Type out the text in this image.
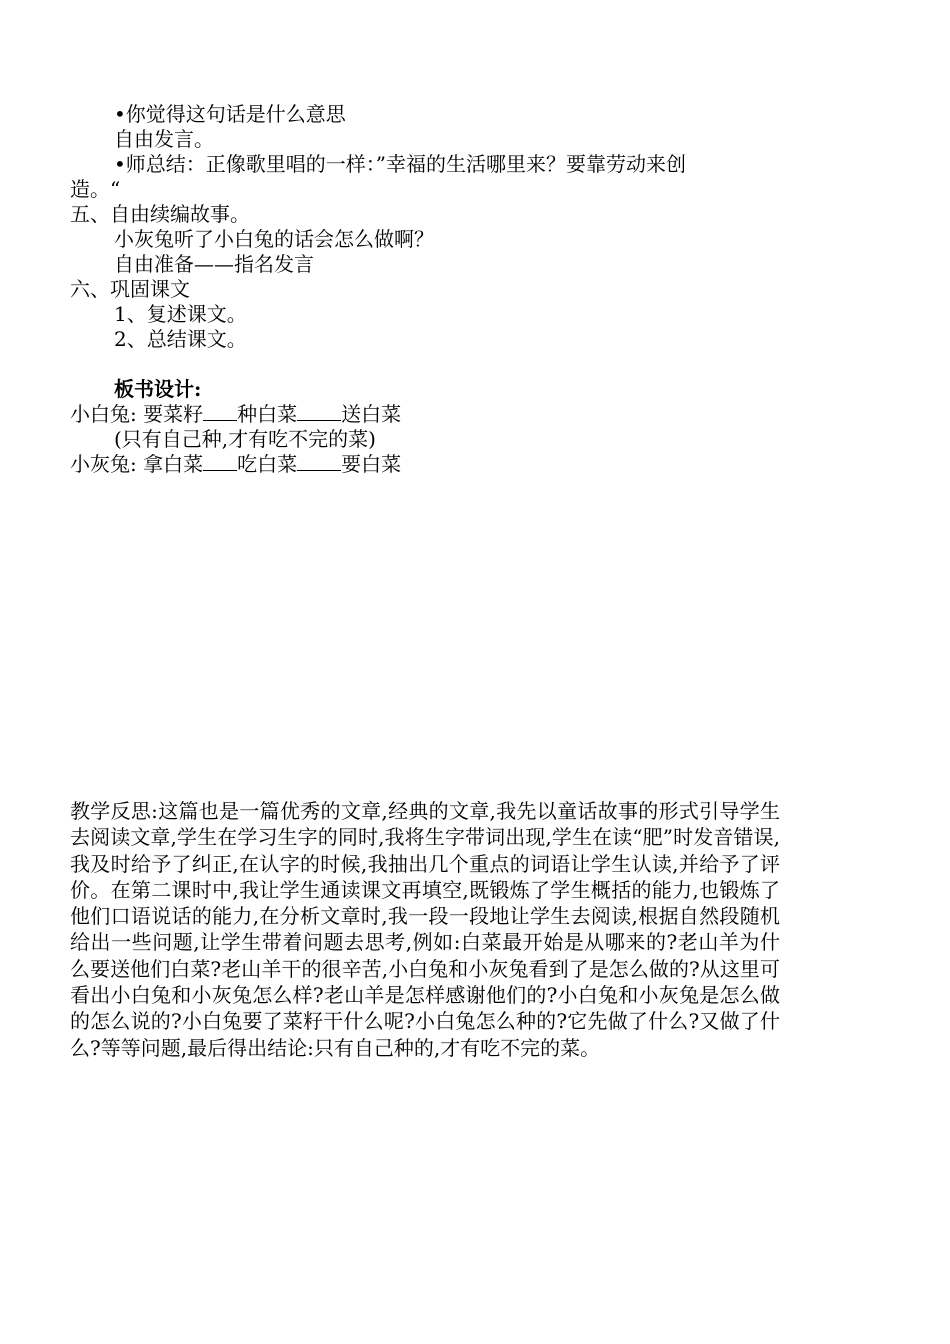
•你觉得这句话是什么意思
自由发言。
•师总结：正像歌里唱的一样：”幸福的生活哪里来？要靠劳动来创
造。“
五、自由续编故事。
小灰兔听了小白兔的话会怎么做啊？
自由准备——指名发言
六、巩固课文
1、复述课文。
2、总结课文。
板书设计:
小白兔: 要菜籽 种白菜 送白菜
(只有自己种,才有吃不完的菜)
小灰兔: 拿白菜 吃白菜 要白菜
教学反思:这篇也是一篇优秀的文章,经典的文章,我先以童话故事的形式引导学生去阅读文章,学生在学习生字的同时,我将生字带词出现,学生在读“肥”时发音错误,我及时给予了纠正,在认字的时候,我抽出几个重点的词语让学生认读,并给予了评价。在第二课时中,我让学生通读课文再填空,既锻炼了学生概括的能力,也锻炼了他们口语说话的能力,在分析文章时,我一段一段地让学生去阅读,根据自然段随机给出一些问题,让学生带着问题去思考,例如:白菜最开始是从哪来的?老山羊为什么要送他们白菜?老山羊干的很辛苦,小白兔和小灰兔看到了是怎么做的?从这里可看出小白兔和小灰兔怎么样?老山羊是怎样感谢他们的?小白兔和小灰兔是怎么做的怎么说的?小白兔要了菜籽干什么呢?小白兔怎么种的?它先做了什么?又做了什么?等等问题,最后得出结论:只有自己种的,才有吃不完的菜。
